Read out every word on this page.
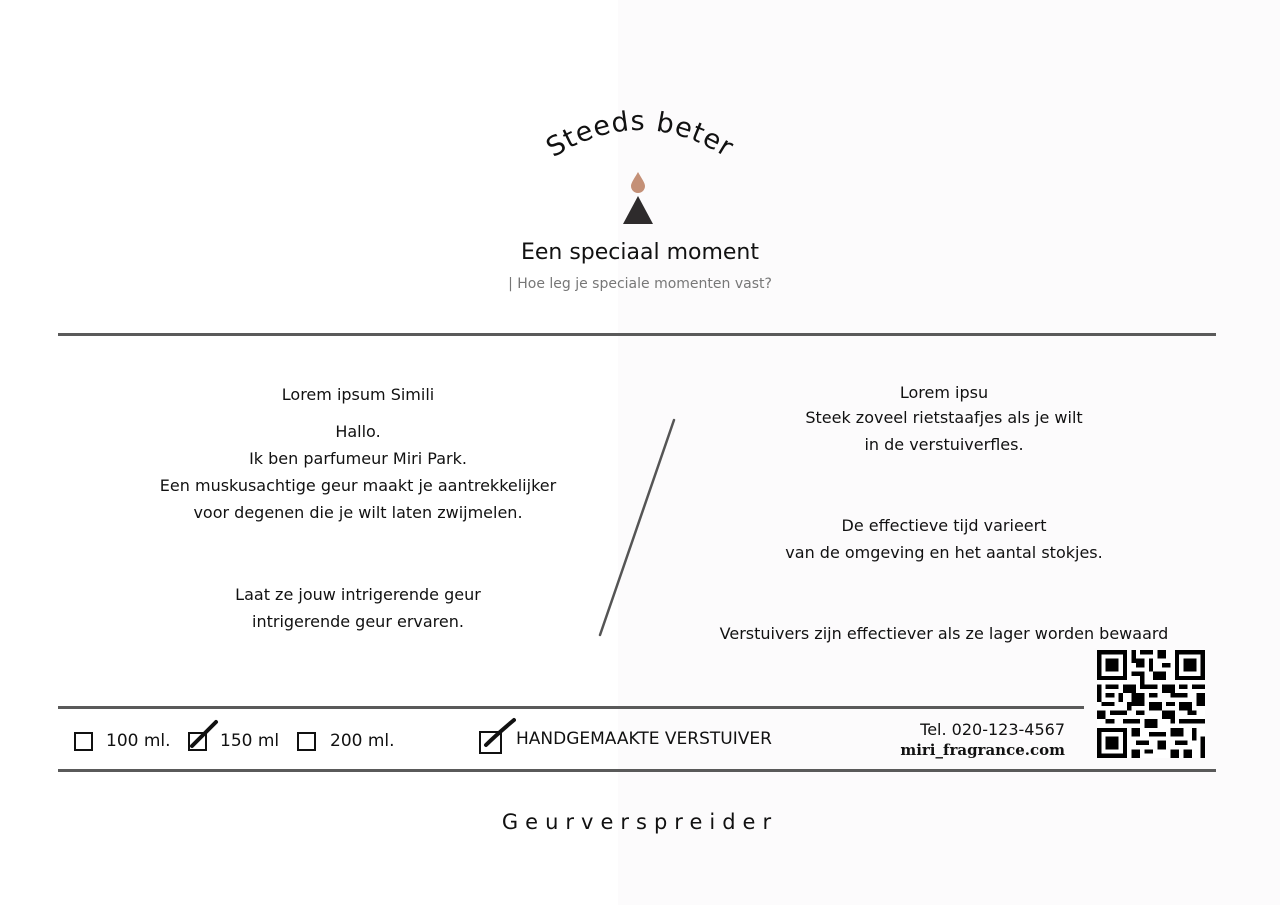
Steeds beter
Een speciaal moment
| Hoe leg je speciale momenten vast?
Lorem ipsum Simili
Hallo.
Ik ben parfumeur Miri Park.
Een muskusachtige geur maakt je aantrekkelijker
voor degenen die je wilt laten zwijmelen.
Laat ze jouw intrigerende geur
intrigerende geur ervaren.
Lorem ipsu
Steek zoveel rietstaafjes als je wilt
in de verstuiverfles.
De effectieve tijd varieert
van de omgeving en het aantal stokjes.
Verstuivers zijn effectiever als ze lager worden bewaard
100 ml.	150 ml	200 ml.	HANDGEMAAKTE VERSTUIVER	Tel. 020-123-4567
miri_fragrance.com
Geurverspreider
